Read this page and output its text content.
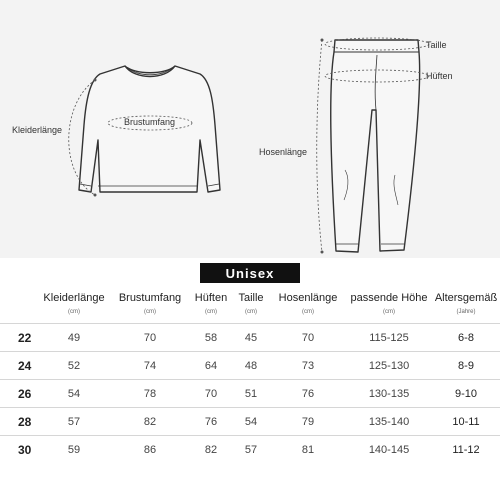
Kleiderlänge
Brustumfang
Hosenlänge
Taille
Hüften
Unisex
	Kleiderlänge	Brustumfang	Hüften	Taille	Hosenlänge	passende Höhe	Altersgemäß
	(cm)	(cm)	(cm)	(cm)	(cm)	(cm)	(Jahre)
22	49	70	58	45	70	115-125	6-8
24	52	74	64	48	73	125-130	8-9
26	54	78	70	51	76	130-135	9-10
28	57	82	76	54	79	135-140	10-11
30	59	86	82	57	81	140-145	11-12
